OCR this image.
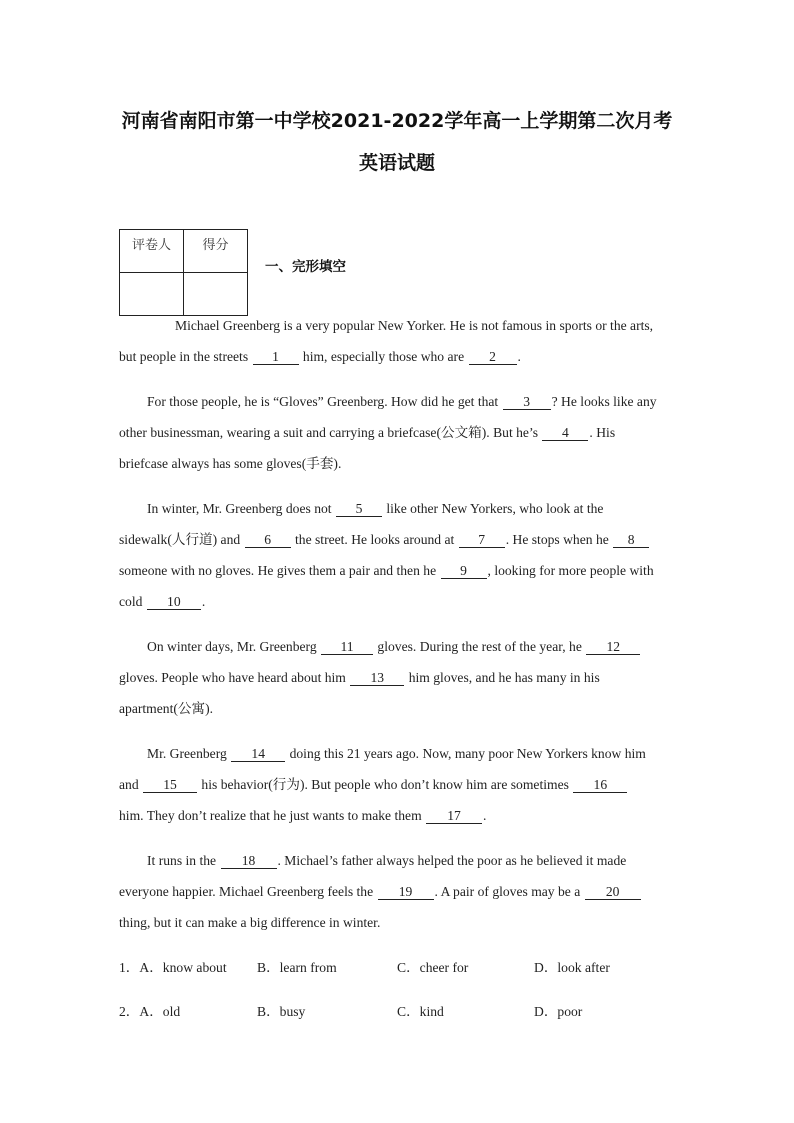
河南省南阳市第一中学校2021-2022学年高一上学期第二次月考
英语试题
评卷人	得分

一、完形填空
Michael Greenberg is a very popular New Yorker. He is not famous in sports or the arts,
but people in the streets 1 him, especially those who are 2 .
For those people, he is “Gloves” Greenberg. How did he get that 3 ? He looks like any
other businessman, wearing a suit and carrying a briefcase(公文箱). But he’s 4 . His
briefcase always has some gloves(手套).
In winter, Mr. Greenberg does not 5 like other New Yorkers, who look at the
sidewalk(人行道) and 6 the street. He looks around at 7 . He stops when he 8
someone with no gloves. He gives them a pair and then he 9 , looking for more people with
cold 10 .
On winter days, Mr. Greenberg 11 gloves. During the rest of the year, he 12
gloves. People who have heard about him 13 him gloves, and he has many in his
apartment(公寓).
Mr. Greenberg 14 doing this 21 years ago. Now, many poor New Yorkers know him
and 15 his behavior(行为). But people who don’t know him are sometimes 16
him. They don’t realize that he just wants to make them 17 .
It runs in the 18 . Michael’s father always helped the poor as he believed it made
everyone happier. Michael Greenberg feels the 19 . A pair of gloves may be a 20
thing, but it can make a big difference in winter.
1．A．know about B．learn from	C．cheer for	D．look after
2．A．old	B．busy	C．kind	D．poor
